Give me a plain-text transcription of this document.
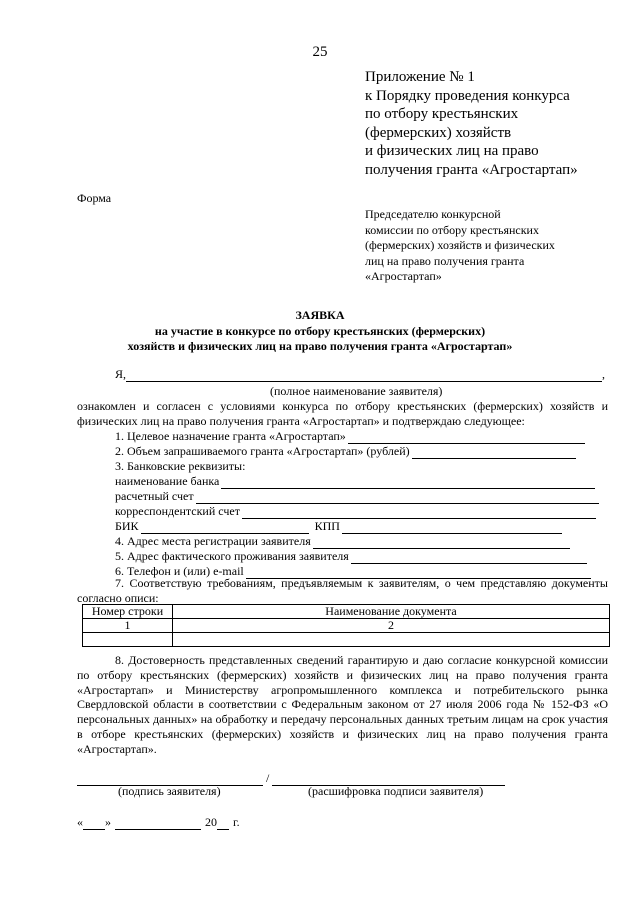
25
Приложение № 1
к Порядку проведения конкурса
по отбору крестьянских
(фермерских) хозяйств
и физических лиц на право
получения гранта «Агростартап»
Форма
Председателю конкурсной
комиссии по отбору крестьянских
(фермерских) хозяйств и физических
лиц на право получения гранта
«Агростартап»
ЗАЯВКА
на участие в конкурсе по отбору крестьянских (фермерских)
хозяйств и физических лиц на право получения гранта «Агростартап»
Я,	,
(полное наименование заявителя)
ознакомлен и согласен с условиями конкурса по отбору крестьянских (фермерских) хозяйств и физических лиц на право получения гранта «Агростартап» и подтверждаю следующее:
1. Целевое назначение гранта «Агростартап»
2. Объем запрашиваемого гранта «Агростартап» (рублей)
3. Банковские реквизиты:
наименование банка
расчетный счет
корреспондентский счет
БИК	КПП
4. Адрес места регистрации заявителя
5. Адрес фактического проживания заявителя
6. Телефон и (или) e-mail
7. Соответствую требованиям, предъявляемым к заявителям, о чем представляю документы согласно описи:
Номер строки	Наименование документа
1	2

8. Достоверность представленных сведений гарантирую и даю согласие конкурсной комиссии по отбору крестьянских (фермерских) хозяйств и физических лиц на право получения гранта «Агростартап» и Министерству агропромышленного комплекса и потребительского рынка Свердловской области в соответствии с Федеральным законом от 27 июля 2006 года № 152-ФЗ «О персональных данных» на обработку и передачу персональных данных третьим лицам на срок участия в отборе крестьянских (фермерских) хозяйств и физических лиц на право получения гранта «Агростартап».
/
(подпись заявителя)	(расшифровка подписи заявителя)
« »	20 г.
